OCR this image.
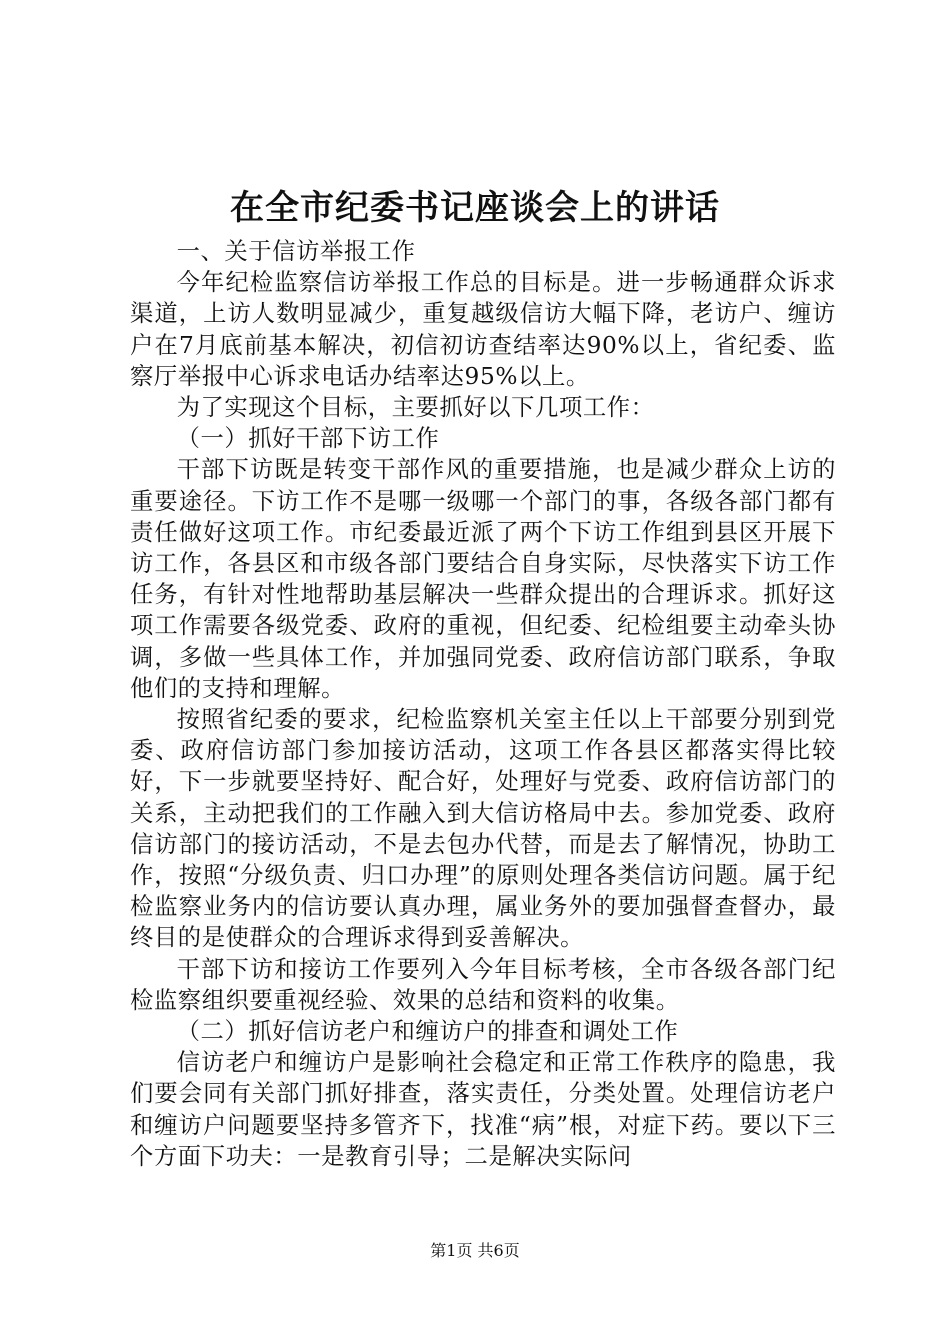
在全市纪委书记座谈会上的讲话

一、关于信访举报工作

今年纪检监察信访举报工作总的目标是。进一步畅通群众诉求渠道，上访人数明显减少，重复越级信访大幅下降，老访户、缠访户在7月底前基本解决，初信初访查结率达90%以上，省纪委、监察厅举报中心诉求电话办结率达95%以上。

为了实现这个目标，主要抓好以下几项工作：

（一）抓好干部下访工作

干部下访既是转变干部作风的重要措施，也是减少群众上访的重要途径。下访工作不是哪一级哪一个部门的事，各级各部门都有责任做好这项工作。市纪委最近派了两个下访工作组到县区开展下访工作，各县区和市级各部门要结合自身实际，尽快落实下访工作任务，有针对性地帮助基层解决一些群众提出的合理诉求。抓好这项工作需要各级党委、政府的重视，但纪委、纪检组要主动牵头协调，多做一些具体工作，并加强同党委、政府信访部门联系，争取他们的支持和理解。

按照省纪委的要求，纪检监察机关室主任以上干部要分别到党委、政府信访部门参加接访活动，这项工作各县区都落实得比较好，下一步就要坚持好、配合好，处理好与党委、政府信访部门的关系，主动把我们的工作融入到大信访格局中去。参加党委、政府信访部门的接访活动，不是去包办代替，而是去了解情况，协助工作，按照“分级负责、归口办理”的原则处理各类信访问题。属于纪检监察业务内的信访要认真办理，属业务外的要加强督查督办，最终目的是使群众的合理诉求得到妥善解决。

干部下访和接访工作要列入今年目标考核，全市各级各部门纪检监察组织要重视经验、效果的总结和资料的收集。

（二）抓好信访老户和缠访户的排查和调处工作

信访老户和缠访户是影响社会稳定和正常工作秩序的隐患，我们要会同有关部门抓好排查，落实责任，分类处置。处理信访老户和缠访户问题要坚持多管齐下，找准“病”根，对症下药。要以下三个方面下功夫：一是教育引导；二是解决实际问

第1页 共6页
